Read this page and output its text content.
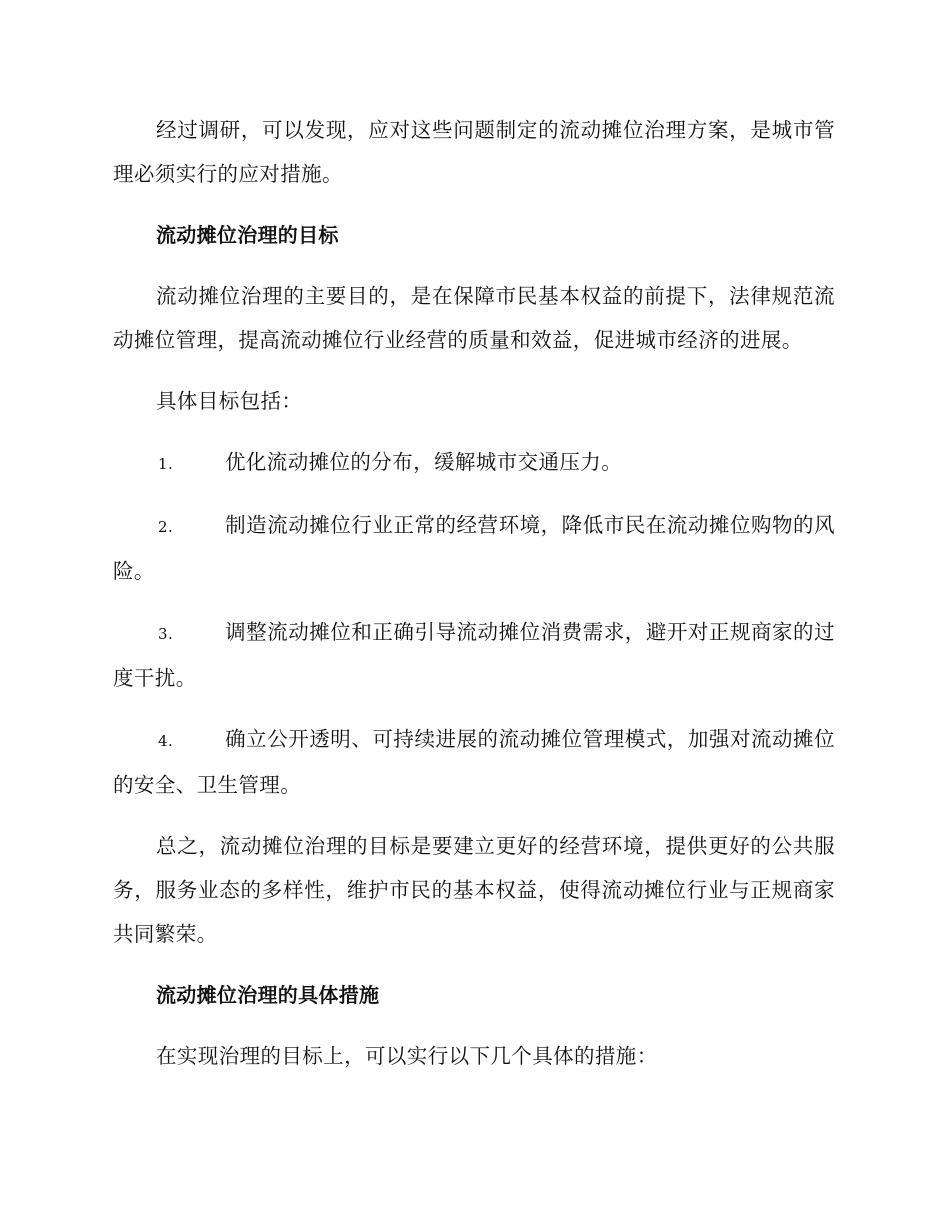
经过调研，可以发现，应对这些问题制定的流动摊位治理方案，是城市管理必须实行的应对措施。

流动摊位治理的目标

流动摊位治理的主要目的，是在保障市民基本权益的前提下，法律规范流动摊位管理，提高流动摊位行业经营的质量和效益，促进城市经济的进展。

具体目标包括：

1.	优化流动摊位的分布，缓解城市交通压力。

2.	制造流动摊位行业正常的经营环境，降低市民在流动摊位购物的风险。

3.	调整流动摊位和正确引导流动摊位消费需求，避开对正规商家的过度干扰。

4.	确立公开透明、可持续进展的流动摊位管理模式，加强对流动摊位的安全、卫生管理。

总之，流动摊位治理的目标是要建立更好的经营环境，提供更好的公共服务，服务业态的多样性，维护市民的基本权益，使得流动摊位行业与正规商家共同繁荣。

流动摊位治理的具体措施

在实现治理的目标上，可以实行以下几个具体的措施：
